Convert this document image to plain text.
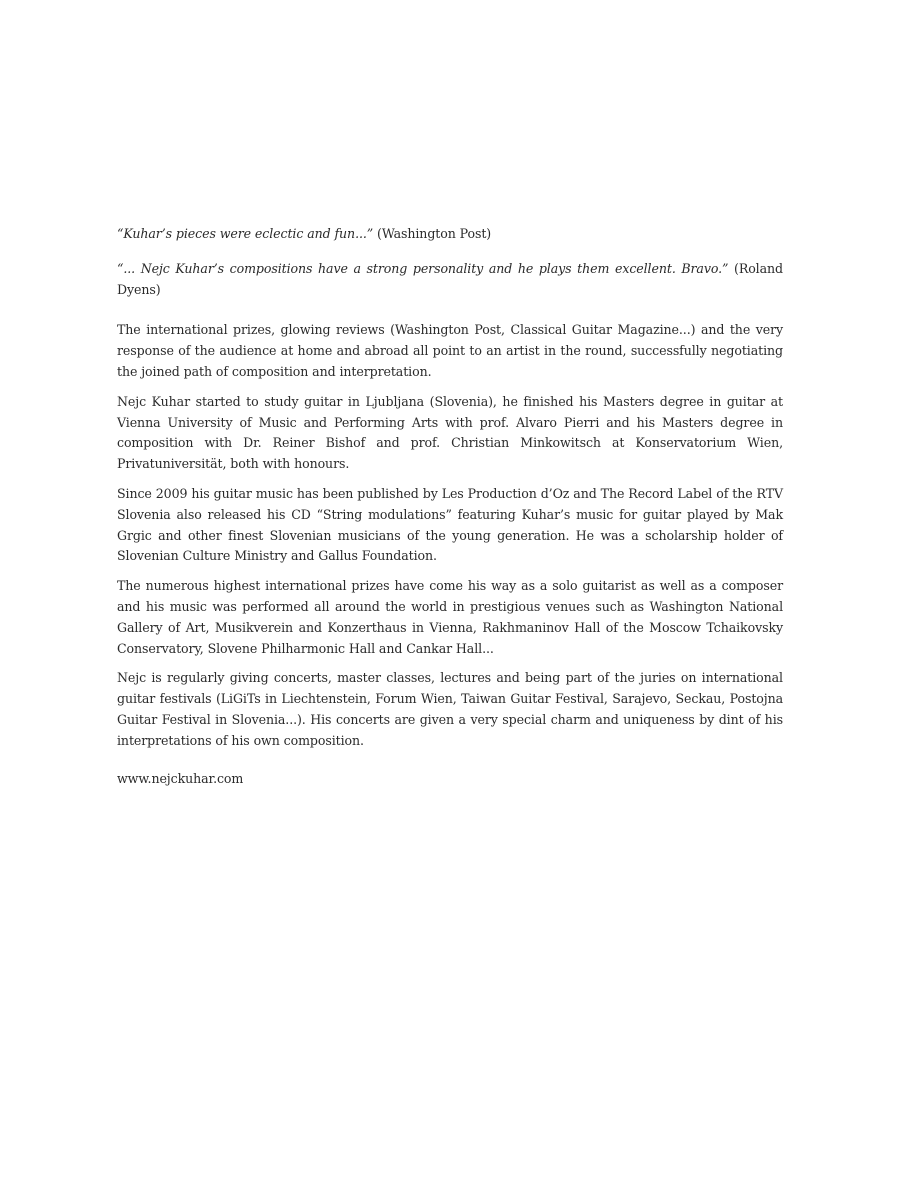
“Kuhar’s pieces were eclectic and fun...” (Washington Post)

“... Nejc Kuhar’s compositions have a strong personality and he plays them excellent. Bravo.” (Roland Dyens)

The international prizes, glowing reviews (Washington Post, Classical Guitar Magazine...) and the very response of the audience at home and abroad all point to an artist in the round, successfully negotiating the joined path of composition and interpretation.

Nejc Kuhar started to study guitar in Ljubljana (Slovenia), he finished his Masters degree in guitar at Vienna University of Music and Performing Arts with prof. Alvaro Pierri and his Masters degree in composition with Dr. Reiner Bishof and prof. Christian Minkowitsch at Konservatorium Wien, Privatuniversität, both with honours.

Since 2009 his guitar music has been published by Les Production d’Oz and The Record Label of the RTV Slovenia also released his CD “String modulations” featuring Kuhar’s music for guitar played by Mak Grgic and other finest Slovenian musicians of the young generation. He was a scholarship holder of Slovenian Culture Ministry and Gallus Foundation.

The numerous highest international prizes have come his way as a solo guitarist as well as a composer and his music was performed all around the world in prestigious venues such as Washington National Gallery of Art, Musikverein and Konzerthaus in Vienna, Rakhmaninov Hall of the Moscow Tchaikovsky Conservatory, Slovene Philharmonic Hall and Cankar Hall...

Nejc is regularly giving concerts, master classes, lectures and being part of the juries on international guitar festivals (LiGiTs in Liechtenstein, Forum Wien, Taiwan Guitar Festival, Sarajevo, Seckau, Postojna Guitar Festival in Slovenia...). His concerts are given a very special charm and uniqueness by dint of his interpretations of his own composition.

www.nejckuhar.com
